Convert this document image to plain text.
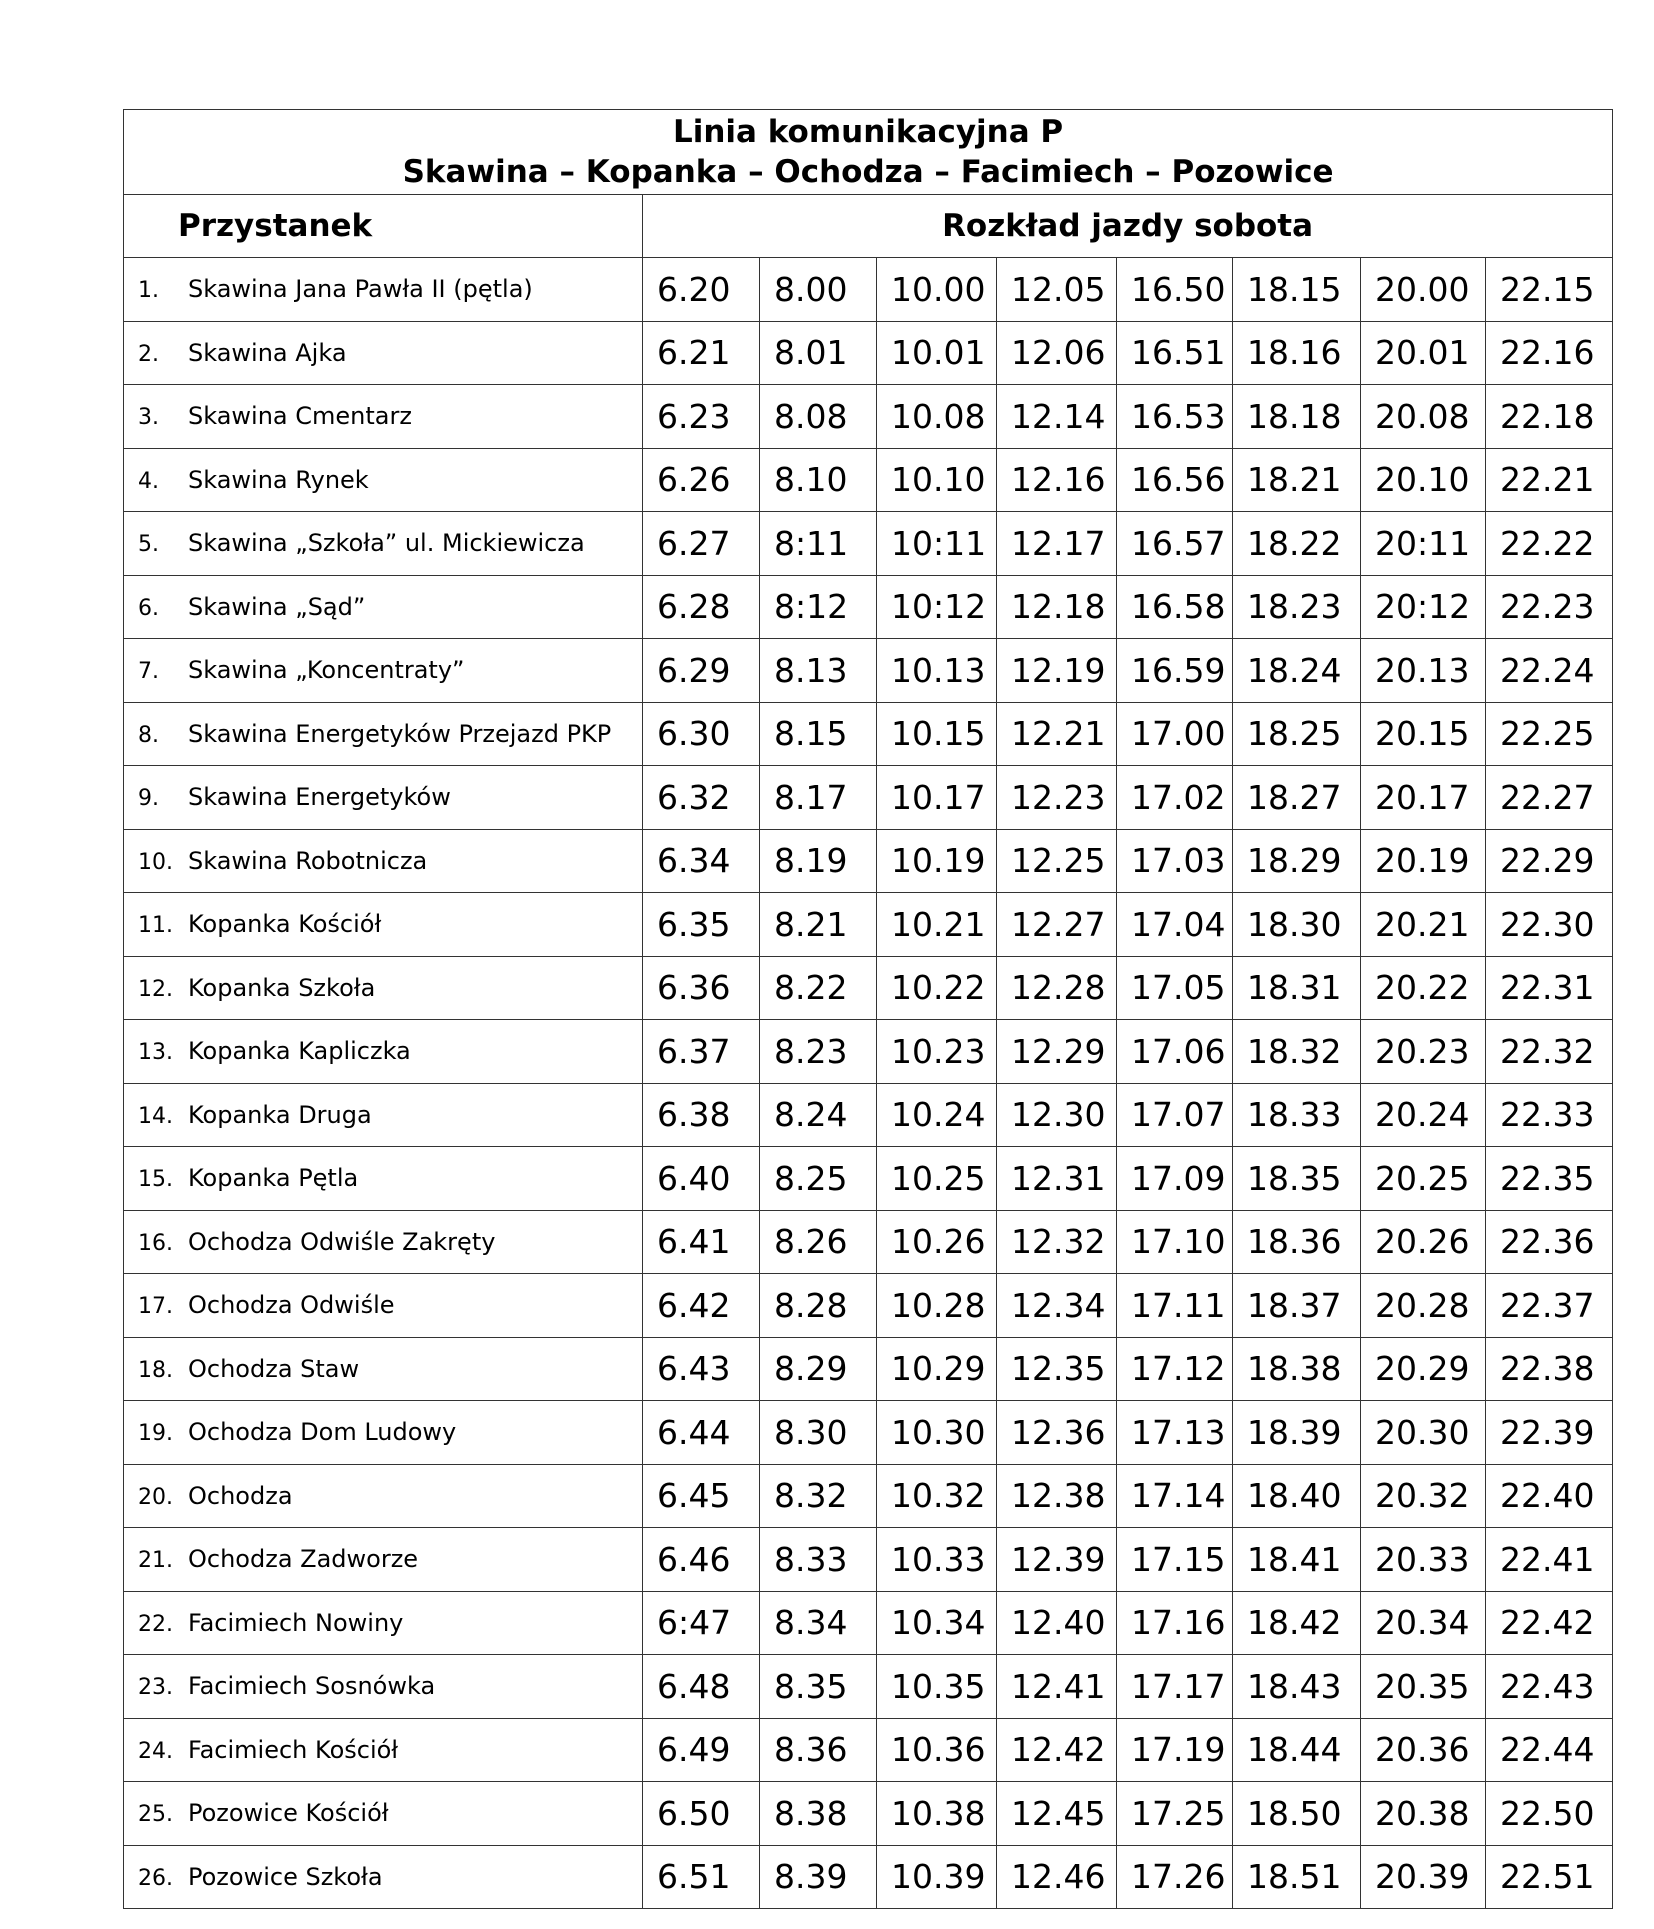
Linia komunikacyjna P
Skawina – Kopanka – Ochodza – Facimiech – Pozowice								

Przystanek	Rozkład jazdy sobota							
1. Skawina Jana Pawła II (pętla)	6.20	8.00	10.00	12.05	16.50	18.15	20.00	22.15
2. Skawina Ajka	6.21	8.01	10.01	12.06	16.51	18.16	20.01	22.16
3. Skawina Cmentarz	6.23	8.08	10.08	12.14	16.53	18.18	20.08	22.18
4. Skawina Rynek	6.26	8.10	10.10	12.16	16.56	18.21	20.10	22.21
5. Skawina „Szkoła” ul. Mickiewicza	6.27	8:11	10:11	12.17	16.57	18.22	20:11	22.22
6. Skawina „Sąd”	6.28	8:12	10:12	12.18	16.58	18.23	20:12	22.23
7. Skawina „Koncentraty”	6.29	8.13	10.13	12.19	16.59	18.24	20.13	22.24
8. Skawina Energetyków Przejazd PKP	6.30	8.15	10.15	12.21	17.00	18.25	20.15	22.25
9. Skawina Energetyków	6.32	8.17	10.17	12.23	17.02	18.27	20.17	22.27
10. Skawina Robotnicza	6.34	8.19	10.19	12.25	17.03	18.29	20.19	22.29
11. Kopanka Kościół	6.35	8.21	10.21	12.27	17.04	18.30	20.21	22.30
12. Kopanka Szkoła	6.36	8.22	10.22	12.28	17.05	18.31	20.22	22.31
13. Kopanka Kapliczka	6.37	8.23	10.23	12.29	17.06	18.32	20.23	22.32
14. Kopanka Druga	6.38	8.24	10.24	12.30	17.07	18.33	20.24	22.33
15. Kopanka Pętla	6.40	8.25	10.25	12.31	17.09	18.35	20.25	22.35
16. Ochodza Odwiśle Zakręty	6.41	8.26	10.26	12.32	17.10	18.36	20.26	22.36
17. Ochodza Odwiśle	6.42	8.28	10.28	12.34	17.11	18.37	20.28	22.37
18. Ochodza Staw	6.43	8.29	10.29	12.35	17.12	18.38	20.29	22.38
19. Ochodza Dom Ludowy	6.44	8.30	10.30	12.36	17.13	18.39	20.30	22.39
20. Ochodza	6.45	8.32	10.32	12.38	17.14	18.40	20.32	22.40
21. Ochodza Zadworze	6.46	8.33	10.33	12.39	17.15	18.41	20.33	22.41
22. Facimiech Nowiny	6:47	8.34	10.34	12.40	17.16	18.42	20.34	22.42
23. Facimiech Sosnówka	6.48	8.35	10.35	12.41	17.17	18.43	20.35	22.43
24. Facimiech Kościół	6.49	8.36	10.36	12.42	17.19	18.44	20.36	22.44
25. Pozowice Kościół	6.50	8.38	10.38	12.45	17.25	18.50	20.38	22.50
26. Pozowice Szkoła	6.51	8.39	10.39	12.46	17.26	18.51	20.39	22.51
